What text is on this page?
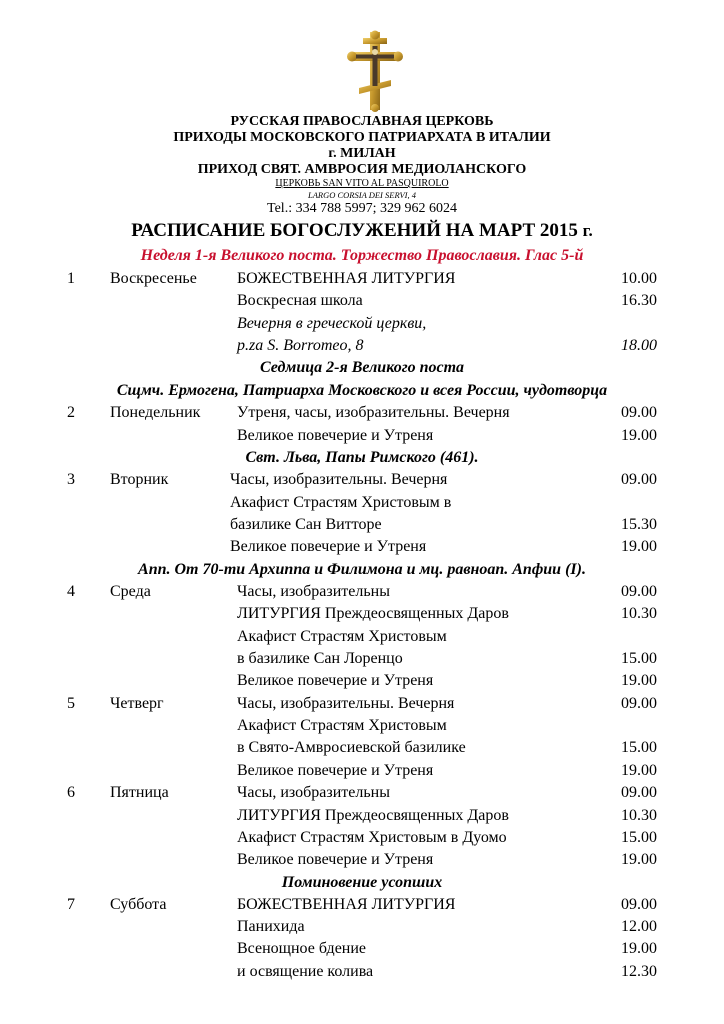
РУССКАЯ ПРАВОСЛАВНАЯ ЦЕРКОВЬ
ПРИХОДЫ МОСКОВСКОГО ПАТРИАРХАТА В ИТАЛИИ
г. МИЛАН
ПРИХОД СВЯТ. АМВРОСИЯ МЕДИОЛАНСКОГО
ЦЕРКОВЬ SAN VITO AL PASQUIROLO
LARGO CORSIA DEI SERVI, 4
Tel.: 334 788 5997; 329 962 6024
РАСПИСАНИЕ БОГОСЛУЖЕНИЙ НА МАРТ 2015 г.
Неделя 1-я Великого поста. Торжество Православия. Глас 5-й
1 Воскресенье	БОЖЕСТВЕННАЯ ЛИТУРГИЯ	10.00
Воскресная школа	16.30
Вечерня в греческой церкви,
p.za S. Borromeo, 8	18.00
Седмица 2-я Великого поста
Сщмч. Ермогена, Патриарха Московского и всея России, чудотворца
2 Понедельник Утреня, часы, изобразительны. Вечерня	09.00
Великое повечерие и Утреня	19.00
Свт. Льва, Папы Римского (461).
3 Вторник	Часы, изобразительны. Вечерня	09.00
Акафист Страстям Христовым в
базилике Сан Витторе	15.30
Великое повечерие и Утреня	19.00
Апп. От 70-ти Архиппа и Филимона и мц. равноап. Апфии (I).
4 Среда	Часы, изобразительны	09.00
ЛИТУРГИЯ Преждеосвященных Даров	10.30
Акафист Страстям Христовым
в базилике Сан Лоренцо	15.00
Великое повечерие и Утреня	19.00
5 Четверг	Часы, изобразительны. Вечерня	09.00
Акафист Страстям Христовым
в Свято-Амвросиевской базилике	15.00
Великое повечерие и Утреня	19.00
6 Пятница	Часы, изобразительны	09.00
ЛИТУРГИЯ Преждеосвященных Даров	10.30
Акафист Страстям Христовым в Дуомо	15.00
Великое повечерие и Утреня	19.00
Поминовение усопших
7 Суббота	БОЖЕСТВЕННАЯ ЛИТУРГИЯ	09.00
Панихида	12.00
Всенощное бдение	19.00
и освящение колива	12.30
